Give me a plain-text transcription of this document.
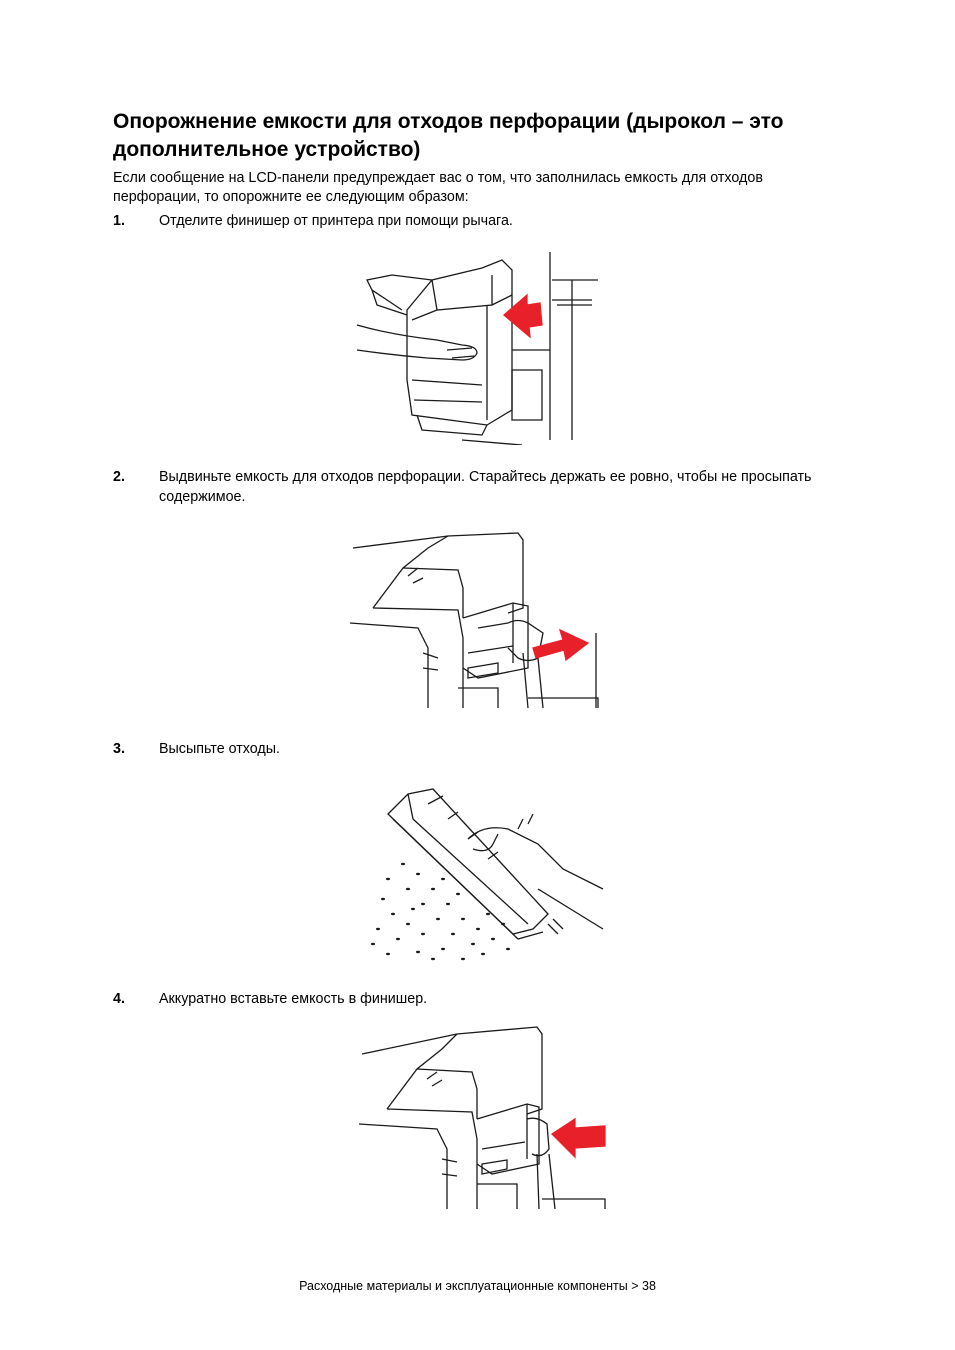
Опорожнение емкости для отходов перфорации (дырокол – это дополнительное устройство)

Если сообщение на LCD-панели предупреждает вас о том, что заполнилась емкость для отходов перфорации, то опорожните ее следующим образом:

1. Отделите финишер от принтера при помощи рычага.
2. Выдвиньте емкость для отходов перфорации. Старайтесь держать ее ровно, чтобы не просыпать содержимое.
3. Высыпьте отходы.
4. Аккуратно вставьте емкость в финишер.
Расходные материалы и эксплуатационные компоненты > 38
